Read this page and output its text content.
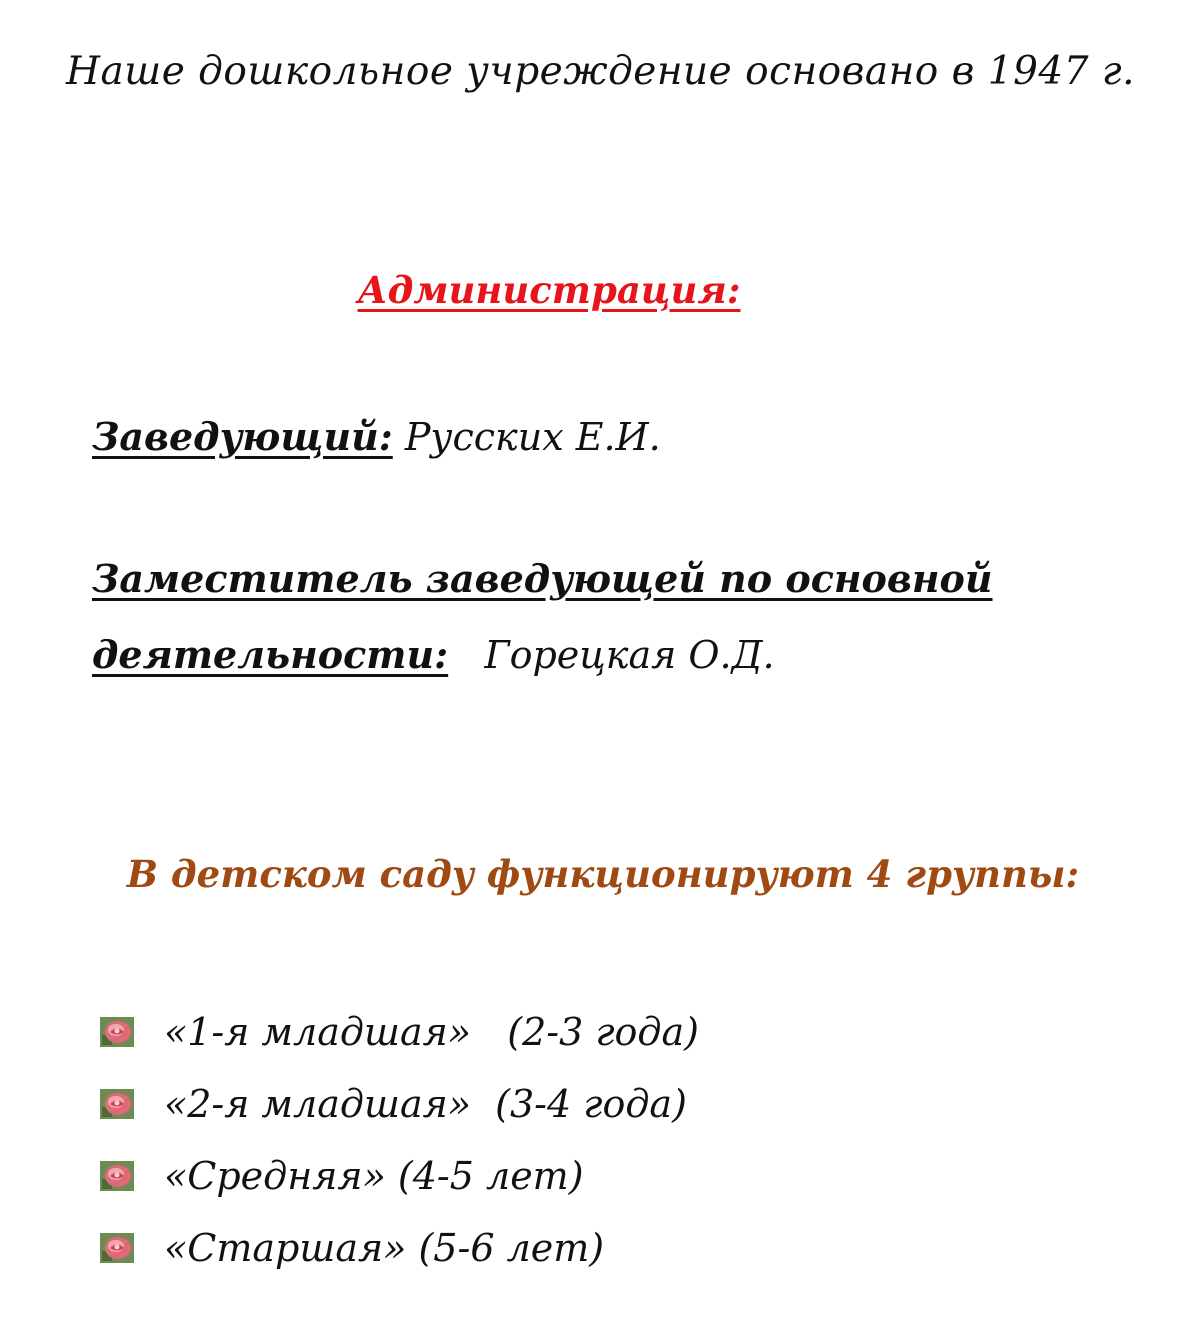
Наше дошкольное учреждение основано в 1947 г.
Администрация:
Заведующий: Русских Е.И.
Заместитель заведующей по основной
деятельности: Горецкая О.Д.
В детском саду функционируют 4 группы:
«1-я младшая»   (2-3 года)
«2-я младшая»  (3-4 года)
«Средняя» (4-5 лет)
«Старшая» (5-6 лет)
